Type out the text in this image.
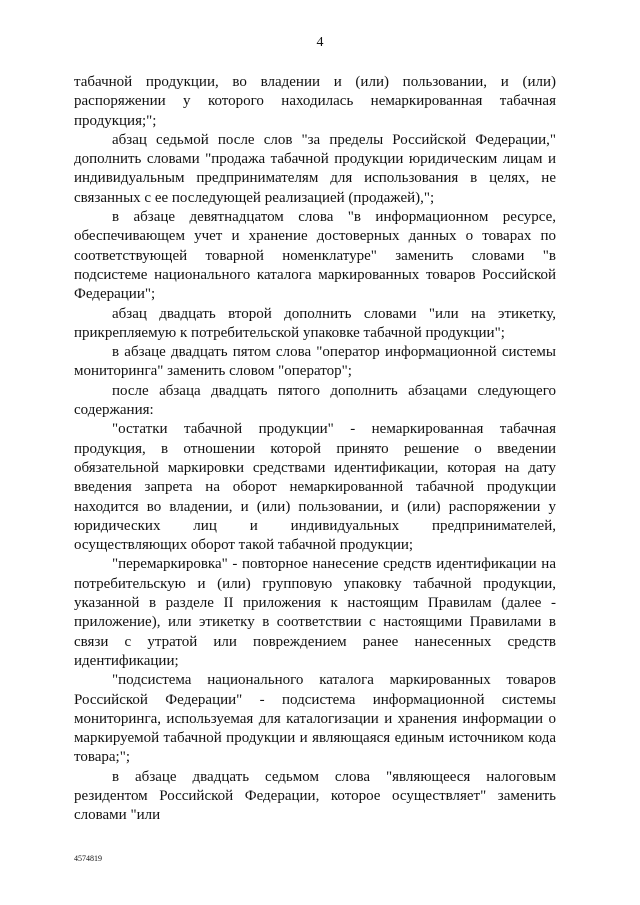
4

табачной продукции, во владении и (или) пользовании, и (или) распоряжении у которого находилась немаркированная табачная продукция;";

абзац седьмой после слов "за пределы Российской Федерации," дополнить словами "продажа табачной продукции юридическим лицам и индивидуальным предпринимателям для использования в целях, не связанных с ее последующей реализацией (продажей),";

в абзаце девятнадцатом слова "в информационном ресурсе, обеспечивающем учет и хранение достоверных данных о товарах по соответствующей товарной номенклатуре" заменить словами "в подсистеме национального каталога маркированных товаров Российской Федерации";

абзац двадцать второй дополнить словами "или на этикетку, прикрепляемую к потребительской упаковке табачной продукции";

в абзаце двадцать пятом слова "оператор информационной системы мониторинга" заменить словом "оператор";

после абзаца двадцать пятого дополнить абзацами следующего содержания:

"остатки табачной продукции" - немаркированная табачная продукция, в отношении которой принято решение о введении обязательной маркировки средствами идентификации, которая на дату введения запрета на оборот немаркированной табачной продукции находится во владении, и (или) пользовании, и (или) распоряжении у юридических лиц и индивидуальных предпринимателей, осуществляющих оборот такой табачной продукции;

"перемаркировка" - повторное нанесение средств идентификации на потребительскую и (или) групповую упаковку табачной продукции, указанной в разделе II приложения к настоящим Правилам (далее - приложение), или этикетку в соответствии с настоящими Правилами в связи с утратой или повреждением ранее нанесенных средств идентификации;

"подсистема национального каталога маркированных товаров Российской Федерации" - подсистема информационной системы мониторинга, используемая для каталогизации и хранения информации о маркируемой табачной продукции и являющаяся единым источником кода товара;";

в абзаце двадцать седьмом слова "являющееся налоговым резидентом Российской Федерации, которое осуществляет" заменить словами "или

4574819
